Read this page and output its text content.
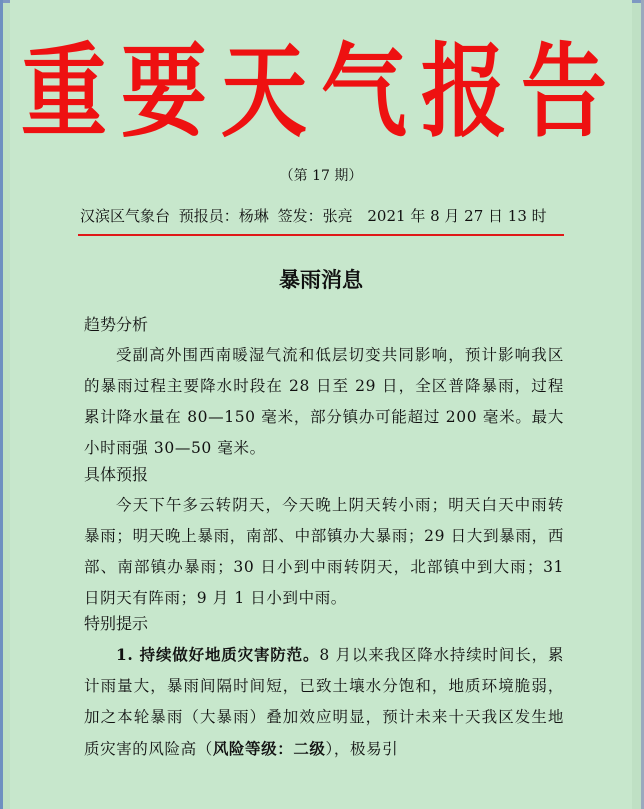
重要天气报告
（第 17 期）
汉滨区气象台 预报员：杨琳 签发：张亮 2021 年 8 月 27 日 13 时
暴雨消息
趋势分析
受副高外围西南暖湿气流和低层切变共同影响，预计影响我区的暴雨过程主要降水时段在 28 日至 29 日，全区普降暴雨，过程累计降水量在 80—150 毫米，部分镇办可能超过 200 毫米。最大小时雨强 30—50 毫米。
具体预报
今天下午多云转阴天，今天晚上阴天转小雨；明天白天中雨转暴雨；明天晚上暴雨，南部、中部镇办大暴雨；29 日大到暴雨，西部、南部镇办暴雨；30 日小到中雨转阴天，北部镇中到大雨；31 日阴天有阵雨；9 月 1 日小到中雨。
特别提示
1. 持续做好地质灾害防范。8 月以来我区降水持续时间长，累计雨量大，暴雨间隔时间短，已致土壤水分饱和，地质环境脆弱，加之本轮暴雨（大暴雨）叠加效应明显，预计未来十天我区发生地质灾害的风险高（风险等级：二级），极易引
